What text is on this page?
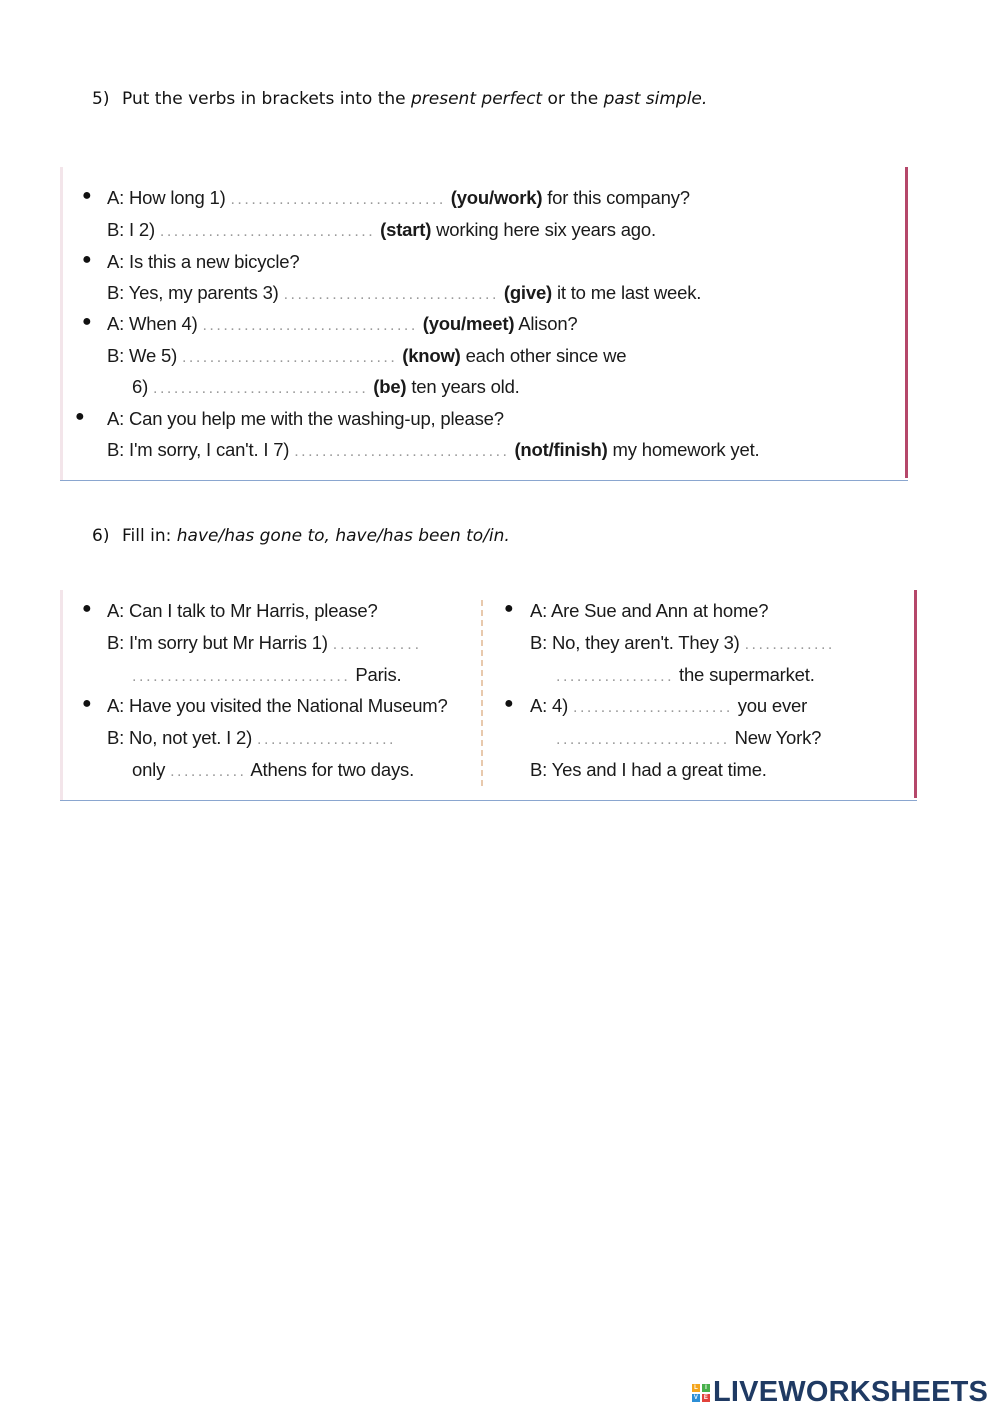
5) Put the verbs in brackets into the present perfect or the past simple.
● A: How long 1) ............................... (you/work) for this company?
B: I 2) ............................... (start) working here six years ago.
● A: Is this a new bicycle?
B: Yes, my parents 3) ............................... (give) it to me last week.
● A: When 4) ............................... (you/meet) Alison?
B: We 5) ............................... (know) each other since we
6) ............................... (be) ten years old.
● A: Can you help me with the washing-up, please?
B: I'm sorry, I can't. I 7) ............................... (not/finish) my homework yet.
6) Fill in: have/has gone to, have/has been to/in.
● A: Can I talk to Mr Harris, please?
B: I'm sorry but Mr Harris 1) ............
............................... Paris.
● A: Have you visited the National Museum?
B: No, not yet. I 2) ....................
only ........... Athens for two days.
● A: Are Sue and Ann at home?
B: No, they aren't. They 3) .............
................. the supermarket.
● A: 4) ....................... you ever
......................... New York?
B: Yes and I had a great time.
L	I
V E LIVEWORKSHEETS
